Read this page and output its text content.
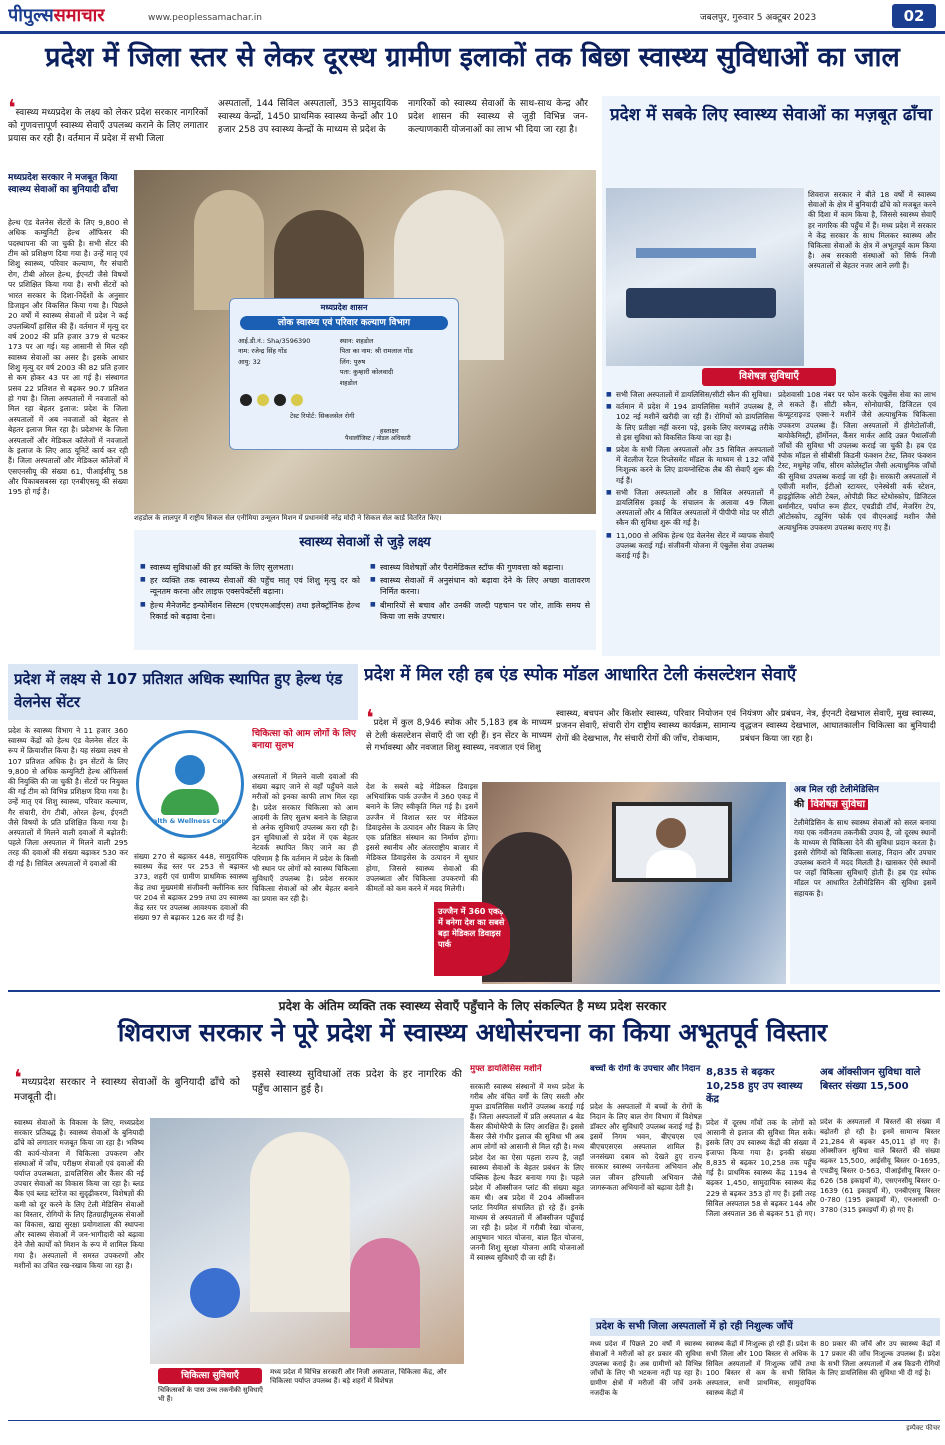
पीपुल्ससमाचार	www.peoplessamachar.in	जबलपुर, गुरुवार 5 अक्टूबर 2023	02
प्रदेश में जिला स्तर से लेकर दूरस्थ ग्रामीण इलाकों तक बिछा स्वास्थ्य सुविधाओं का जाल
❛स्वास्थ्य मध्यप्रदेश के लक्ष्य को लेकर प्रदेश सरकार नागरिकों को गुणवत्तापूर्ण स्वास्थ्य सेवाएँ उपलब्ध कराने के लिए लगातार प्रयास कर रही है। वर्तमान में प्रदेश में सभी जिला
अस्पतालों, 144 सिविल अस्पतालों, 353 सामुदायिक स्वास्थ्य केन्द्रों, 1450 प्राथमिक स्वास्थ्य केन्द्रों और 10 हजार 258 उप स्वास्थ्य केन्द्रों के माध्यम से प्रदेश के
नागरिकों को स्वास्थ्य सेवाओं के साथ-साथ केन्द्र और प्रदेश शासन की स्वास्थ्य से जुड़ी विभिन्न जन-कल्याणकारी योजनाओं का लाभ भी दिया जा रहा है।
मध्यप्रदेश सरकार ने मजबूत किया स्वास्थ्य सेवाओं का बुनियादी ढाँचा
हेल्थ एंड वेलनेस सेंटरों के लिए 9,800 से अधिक कम्युनिटी हेल्थ ऑफिसर की पदस्थापना की जा चुकी है। सभी सेंटर की टीम को प्रशिक्षण दिया गया है। उन्हें मातृ एवं शिशु स्वास्थ्य, परिवार कल्याण, गैर संचारी रोग, टीबी ओरल हेल्थ, ईएनटी जैसे विषयों पर प्रशिक्षित किया गया है। सभी सेंटरों को भारत सरकार के दिशा-निर्देशों के अनुसार डिजाइन और विकसित किया गया है। पिछले 20 वर्षों में स्वास्थ्य सेवाओं में प्रदेश ने कई उपलब्धियाँ हासिल की हैं। वर्तमान में मृत्यु दर वर्ष 2002 की प्रति हजार 379 से घटकर 173 पर आ गई। यह आसानी से मिल रही स्वास्थ्य सेवाओं का असर है। इसके आधार शिशु मृत्यु दर वर्ष 2003 की 82 प्रति हजार से कम होकर 43 पर आ गई है। संस्थागत प्रसव 22 प्रतिशत से बढ़कर 90.7 प्रतिशत हो गया है। जिला अस्पतालों में नवजातों को मिल रहा बेहतर इलाज: प्रदेश के जिला अस्पतालों में अब नवजातों को बेहतर से बेहतर इलाज मिल रहा है। प्रदेशभर के जिला अस्पतालों और मेडिकल कॉलेजों में नवजातों के इलाज के लिए आठ यूनिटें कार्य कर रही हैं। जिला अस्पतालों और मेडिकल कॉलेजों में एसएनसीयू की संख्या 61, पीआईसीयू 58 और पिकाबसबस्स रहा एनबीएसयू की संख्या 195 हो गई है।
मध्यप्रदेश शासन
लोक स्वास्थ्य एवं परिवार कल्याण विभाग
आई.डी.नं.: Sha/3596390
नाम: रजेन्द्र सिंह गोंड
आयु: 32
स्थान: शहडोल
पिता का नाम: श्री रामलाल गोंड
लिंग: पुरुष
पता: कुम्हारी कोलवादी
शहडोल
टेस्ट रिपोर्ट: सिकलसेल रोगी
हस्ताक्षर
पैथालॉजिस्ट / नोडल अधिकारी
शहडोल के लालपुर में राष्ट्रीय सिकल सेल एनीमिया उन्मूलन मिशन में प्रधानमंत्री नरेंद्र मोदी ने सिकल सेल कार्ड वितरित किए।
स्वास्थ्य सेवाओं से जुड़े लक्ष्य
■ स्वास्थ्य सुविधाओं की हर व्यक्ति के लिए सुलभता।
■ हर व्यक्ति तक स्वास्थ्य सेवाओं की पहुँच मातृ एवं शिशु मृत्यु दर को न्यूनतम करना और लाइफ एक्सपेक्टेंसी बढ़ाना।
■ हेल्थ मैनेजमेंट इन्फोर्मेशन सिस्टम (एचएमआईएस) तथा इलेक्ट्रॉनिक हेल्थ रिकार्ड को बढ़ावा देना।
■ स्वास्थ्य विशेषज्ञों और पैरामेडिकल स्टॉफ की गुणवत्ता को बढ़ाना।
■ स्वास्थ्य सेवाओं में अनुसंधान को बढ़ावा देने के लिए अच्छा वातावरण निर्मित करना।
■ बीमारियों से बचाव और उनकी जल्दी पहचान पर जोर, ताकि समय से किया जा सके उपचार।
प्रदेश में सबके लिए स्वास्थ्य सेवाओं का मज़बूत ढाँचा
शिवराज सरकार ने बीते 18 वर्षों में स्वास्थ्य सेवाओं के क्षेत्र में बुनियादी ढाँचे को मजबूत करने की दिशा में काम किया है, जिससे स्वास्थ्य सेवाएँ हर नागरिक की पहुँच में हैं। मध्य प्रदेश में सरकार ने केंद्र सरकार के साथ मिलकर स्वास्थ्य और चिकित्सा सेवाओं के क्षेत्र में अभूतपूर्व काम किया है। अब सरकारी संस्थाओं को सिर्फ निजी अस्पतालों से बेहतर नजर आने लगी हैं।
विशेषज्ञ सुविधाएँ
■ सभी जिला अस्पतालों में डायलिसिस/सीटी स्कैन की सुविधा।
■ वर्तमान में प्रदेश में 194 डायलिसिस मशीनें उपलब्ध हैं, 102 नई मशीनें खरीदी जा रही हैं। रोगियों को डायलिसिस के लिए प्रतीक्षा नहीं करना पड़े, इसके लिए वरणबद्ध तरीके से इस सुविधा को विकसित किया जा रहा है।
■ प्रदेश के सभी जिला अस्पतालों और 35 सिविल अस्पतालों में वेटलीज रेंटल रिप्लेसमेंट मॉडल के माध्यम से 132 जाँचें निःशुल्क करने के लिए डायग्नोस्टिक लैब की सेवाएँ शुरू की गई हैं।
■ सभी जिला अस्पतालों और 8 सिविल अस्पतालों में डायलिसिस इकाई के संचालन के अलावा 49 जिला अस्पतालों और 4 सिविल अस्पतालों में पीपीपी मोड पर सीटी स्कैन की सुविधा शुरू की गई है।
■ 11,000 से अधिक हेल्थ एंड वेलनेस सेंटर में व्यापक सेवाएँ उपलब्ध कराई गई। संजीवनी योजना में एंबुलेंस सेवा उपलब्ध कराई गई है।
प्रदेशवासी 108 नंबर पर फोन करके एंबुलेंस सेवा का लाभ ले सकते हैं। सीटी स्कैन, सोनोग्राफी, डिजिटल एवं कंप्यूटराइज्ड एक्स-रे मशीनें जैसे अत्याधुनिक चिकित्सा उपकरण उपलब्ध हैं। जिला अस्पतालों में हीमेटोलॉजी, बायोकेमिस्ट्री, हॉर्मोनल, कैंसर मार्कर आदि उन्नत पैथालॉजी जाँचों की सुविधा भी उपलब्ध कराई जा चुकी है। हब एंड स्पोक मॉडल से सीबीसी किडनी फंक्शन टेस्ट, लिवर फंक्शन टेस्ट, मधुमेह जाँच, सीरम कोलेस्ट्रॉल जैसी अत्याधुनिक जाँचों की सुविधा उपलब्ध कराई जा रही है। सरकारी अस्पतालों में एवीजी मशीन, ईटीओ स्टायरर, एनेस्थेसी वर्क स्टेशन, हाइड्रोलिक ओटी टेबल, ओपीडी किट स्टेथोस्कोप, डिजिटल थर्मामीटर, पर्याप्त रूम हीटर, एचडीडी टॉर्च, मेजरिंग टेप, ऑटोस्कोप, ट्यूनिंग फोर्क एवं वीएनआई मशीन जैसे अत्याधुनिक उपकरण उपलब्ध कराए गए हैं।
प्रदेश में लक्ष्य से 107 प्रतिशत अधिक स्थापित हुए हेल्थ एंड वेलनेस सेंटर
प्रदेश के स्वास्थ्य विभाग ने 11 हजार 360 स्वास्थ्य केंद्रों को हेल्थ एंड वेलनेस सेंटर के रूप में क्रियाशील किया है। यह संख्या लक्ष्य से 107 प्रतिशत अधिक है। इन सेंटरों के लिए 9,800 से अधिक कम्युनिटी हेल्थ ऑफिसर्स की नियुक्ति की जा चुकी है। सेंटरों पर नियुक्त की गई टीम को विभिन्न प्रशिक्षण दिया गया है। उन्हें मातृ एवं शिशु स्वास्थ्य, परिवार कल्याण, गैर संचारी, रोग टीबी, ओरल हेल्थ, ईएनटी जैसे विषयों के प्रति प्रशिक्षित किया गया है। अस्पतालों में मिलने वाली दवाओं में बढ़ोतरी: पहले जिला अस्पताल में मिलने वाली 295 तरह की दवाओं की संख्या बढ़ाकर 530 कर दी गई है। सिविल अस्पतालों में दवाओं की
Health & Wellness Center
संख्या 270 से बढ़ाकर 448, सामुदायिक स्वास्थ्य केंद्र स्तर पर 253 से बढ़ाकर 373, शहरी एवं ग्रामीण प्राथमिक स्वास्थ्य केंद्र तथा मुख्यमंत्री संजीवनी क्लीनिक स्तर पर 204 से बढ़ाकर 299 तथा उप स्वास्थ्य केंद्र स्तर पर उपलब्ध आवश्यक दवाओं की संख्या 97 से बढ़ाकर 126 कर दी गई है।
चिकित्सा को आम लोगों के लिए बनाया सुलभ
अस्पतालों में मिलने वाली दवाओं की संख्या बढ़ाए जाने से वहाँ पहुँचने वाले मरीजों को इनका काफी लाभ मिल रहा है। प्रदेश सरकार चिकित्सा को आम आदमी के लिए सुलभ बनाने के लिहाज से अनेक सुविधाएँ उपलब्ध करा रही है। इन सुविधाओं से प्रदेश में एक बेहतर नेटवर्क स्थापित किए जाने का ही परिणाम है कि वर्तमान में प्रदेश के किसी भी स्थान पर लोगों को स्वास्थ्य चिकित्सा सुविधाएँ उपलब्ध है। प्रदेश सरकार चिकित्सा सेवाओं को और बेहतर बनाने का प्रयास कर रही है।
प्रदेश में मिल रही हब एंड स्पोक मॉडल आधारित टेली कंसल्टेशन सेवाएँ
❛प्रदेश में कुल 8,946 स्पोक और 5,183 हब के माध्यम से टेली कंसल्टेशन सेवाएँ दी जा रही हैं। इन सेंटर के माध्यम से गर्भावस्था और नवजात शिशु स्वास्थ्य, नवजात एवं शिशु
स्वास्थ्य, बचपन और किशोर स्वास्थ्य, परिवार नियोजन एवं प्रजनन सेवाएँ, संचारी रोग राष्ट्रीय स्वास्थ्य कार्यक्रम, सामान्य रोगों की देखभाल, गैर संचारी रोगों की जाँच, रोकथाम,
नियंत्रण और प्रबंधन, नेत्र, ईएनटी देखभाल सेवाएँ, मुख स्वास्थ्य, वृद्धजन स्वास्थ्य देखभाल, आघातकालीन चिकित्सा का बुनियादी प्रबंधन किया जा रहा है।
देश के सबसे बड़े मेडिकल डिवाइस अभियांत्रिक पार्क उज्जैन में 360 एकड़ में बनाने के लिए स्वीकृति मिल गई है। इसमें उज्जैन में विशाल स्तर पर मेडिकल डिवाइसेस के उत्पादन और विक्रय के लिए एक प्रतिष्ठित संस्थान का निर्माण होगा। इससे स्थानीय और अंतरराष्ट्रीय बाजार में मेडिकल डिवाइसेस के उत्पादन में सुधार होगा, जिससे स्वास्थ्य सेवाओं की उपलब्धता और चिकित्सा उपकरणों की कीमतों को कम करने में मदद मिलेगी।
उज्जैन में 360 एकड़ में बनेगा देश का सबसे बड़ा मेडिकल डिवाइस पार्क
अब मिल रही टेलीमेडिसिन
की विशेषज्ञ सुविधा
टेलीमेडिसिन के साथ स्वास्थ्य सेवाओं को सरल बनाया गया एक नवीनतम तकनीकी उपाय है, जो दूरस्थ स्थानों के माध्यम से चिकित्सा देने की सुविधा प्रदान करता है। इससे रोगियों को चिकित्सा सलाह, निदान और उपचार उपलब्ध कराने में मदद मिलती है। खासकर ऐसे स्थानों पर जहाँ चिकित्सा सुविधाएँ होती हैं। हब एंड स्पोक मॉडल पर आधारित टेलीमेडिसिन की सुविधा इसमें सहायक है।
प्रदेश के अंतिम व्यक्ति तक स्वास्थ्य सेवाएँ पहुँचाने के लिए संकल्पित है मध्य प्रदेश सरकार
शिवराज सरकार ने पूरे प्रदेश में स्वास्थ्य अधोसंरचना का किया अभूतपूर्व विस्तार
❛मध्यप्रदेश सरकार ने स्वास्थ्य सेवाओं के बुनियादी ढाँचे को मजबूती दी।
इससे स्वास्थ्य सुविधाओं तक प्रदेश के हर नागरिक की पहुँच आसान हुई है।
स्वास्थ्य सेवाओं के विकास के लिए, मध्यप्रदेश सरकार प्रतिबद्ध है। स्वास्थ्य सेवाओं के बुनियादी ढाँचे को लगातार मजबूत किया जा रहा है। भविष्य की कार्य-योजना में चिकित्सा उपकरण और संस्थाओं में जाँच, परीक्षण सेवाओं एवं दवाओं की पर्याप्त उपलब्धता, डायलिसिस और कैंसर की नई उपचार सेवाओं का विकास किया जा रहा है। ब्लड बैंक एवं ब्लड स्टोरेज का सुदृढ़ीकरण, विशेषज्ञों की कमी को दूर करने के लिए टेली मेडिसिन सेवाओं का विस्तार, रोगियों के लिए हितग्राहीमूलक सेवाओं का विकास, खाद्य सुरक्षा प्रयोगशाला की स्थापना और स्वास्थ्य सेवाओं में जन-भागीदारी को बढ़ावा देने जैसे कार्यों को मिशन के रूप में शामिल किया गया है। अस्पतालों में समस्त उपकरणों और मशीनों का उचित रख-रखाव किया जा रहा है।
चिकित्सा सुविधाएँ
चिकित्सकों के पास उच्च तकनीकी सुविधाएँ भी हैं।
मध्य प्रदेश में विभिन्न सरकारी और निजी अस्पताल, चिकित्सा केंद्र, और चिकित्सा पर्याप्त उपलब्ध हैं। बड़े शहरों में विशेषज्ञ
मुफ्त डायलिसिस मशीनें
सरकारी स्वास्थ्य संस्थानों में मध्य प्रदेश के गरीब और वंचित वर्गों के लिए सस्ती और मुफ्त डायलिसिस मशीनें उपलब्ध कराई गई हैं। जिला अस्पतालों में प्रति अस्पताल 4 बेड कैंसर कीमोथैरेपी के लिए आरक्षित हैं। इससे कैंसर जैसे गंभीर इलाज की सुविधा भी अब आम लोगों को आसानी से मिल रही है। मध्य प्रदेश देश का ऐसा पहला राज्य है, जहाँ स्वास्थ्य सेवाओं के बेहतर प्रबंधन के लिए पब्लिक हेल्थ कैडर बनाया गया है। पहले प्रदेश में ऑक्सीजन प्लांट की संख्या बहुत कम थी। अब प्रदेश में 204 ऑक्सीजन प्लांट नियमित संचालित हो रहे हैं। इनके माध्यम से अस्पतालों में ऑक्सीजन पहुँचाई जा रही है। प्रदेश में गरीबी रेखा योजना, आयुष्मान भारत योजना, बाल हित योजना, जननी शिशु सुरक्षा योजना आदि योजनाओं में स्वास्थ्य सुविधाएँ दी जा रही हैं।
बच्चों के रोगों के उपचार और निदान
प्रदेश के अस्पतालों में बच्चों के रोगों के निदान के लिए बाल रोग विभाग में विशेषज्ञ डॉक्टर और सुविधाएँ उपलब्ध कराई गई हैं। इसमें निगम भवन, बीएचएस एवं बीएचएसएस अस्पताल शामिल हैं। जनसंख्या दबाव को देखते हुए राज्य सरकार स्वास्थ्य जनचेतना अभियान और जल जीवन हरियाली अभियान जैसे जागरूकता अभियानों को बढ़ावा देती है।
8,835 से बढ़कर 10,258 हुए उप स्वास्थ्य केंद्र
प्रदेश में दूरस्थ गाँवों तक के लोगों को आसानी से इलाज की सुविधा मिल सके। इसके लिए उप स्वास्थ्य केंद्रों की संख्या में इजाफा किया गया है। इनकी संख्या 8,835 से बढ़कर 10,258 तक पहुँच गई है। प्राथमिक स्वास्थ्य केंद्र 1194 से बढ़कर 1,450, सामुदायिक स्वास्थ्य केंद्र 229 से बढ़कर 353 हो गए हैं। इसी तरह सिविल अस्पताल 58 से बढ़कर 144 और जिला अस्पताल 36 से बढ़कर 51 हो गए।
अब ऑक्सीजन सुविधा वाले बिस्तर संख्या 15,500
प्रदेश के अस्पतालों में बिस्तरों की संख्या में बढ़ोतरी हो रही है। इनमें सामान्य बिस्तर 21,284 से बढ़कर 45,011 हो गए हैं। ऑक्सीजन सुविधा वाले बिस्तरों की संख्या बढ़कर 15,500, आईसीयू बिस्तर 0-1695, एचडीयू बिस्तर 0-563, पीआईसीयू बिस्तर 0-626 (58 इकाइयाँ में), एसएनसीयू बिस्तर 0-1639 (61 इकाइयाँ में), एनबीएसयू बिस्तर 0-780 (195 इकाइयाँ में), एनआरसी 0-3780 (315 इकाइयाँ में) हो गए हैं।
प्रदेश के सभी जिला अस्पतालों में हो रही निशुल्क जाँचें
मध्य प्रदेश में पिछले 20 वर्षों में स्वास्थ्य सेवाओं ने मरीजों को हर प्रकार की सुविधा उपलब्ध कराई है। अब ग्रामीणों को विभिन्न जाँचों के लिए भी भटकना नहीं पड़ रहा है। ग्रामीण क्षेत्रों में मरीजों की जाँचें उनके नजदीक के
स्वास्थ्य केंद्रों में निःशुल्क हो रही हैं। प्रदेश के सभी जिला और 100 बिस्तर से अधिक के सिविल अस्पतालों में निःशुल्क जाँचें तथा 100 बिस्तर से कम के सभी सिविल अस्पताल, सभी प्राथमिक, सामुदायिक स्वास्थ्य केंद्रों में
80 प्रकार की जाँचें और उप स्वास्थ्य केंद्रों में 17 प्रकार की जाँच निःशुल्क उपलब्ध हैं। प्रदेश के सभी जिला अस्पतालों में अब किडनी रोगियों के लिए डायलिसिस की सुविधा भी दी गई है।
इम्पैक्ट फीचर
